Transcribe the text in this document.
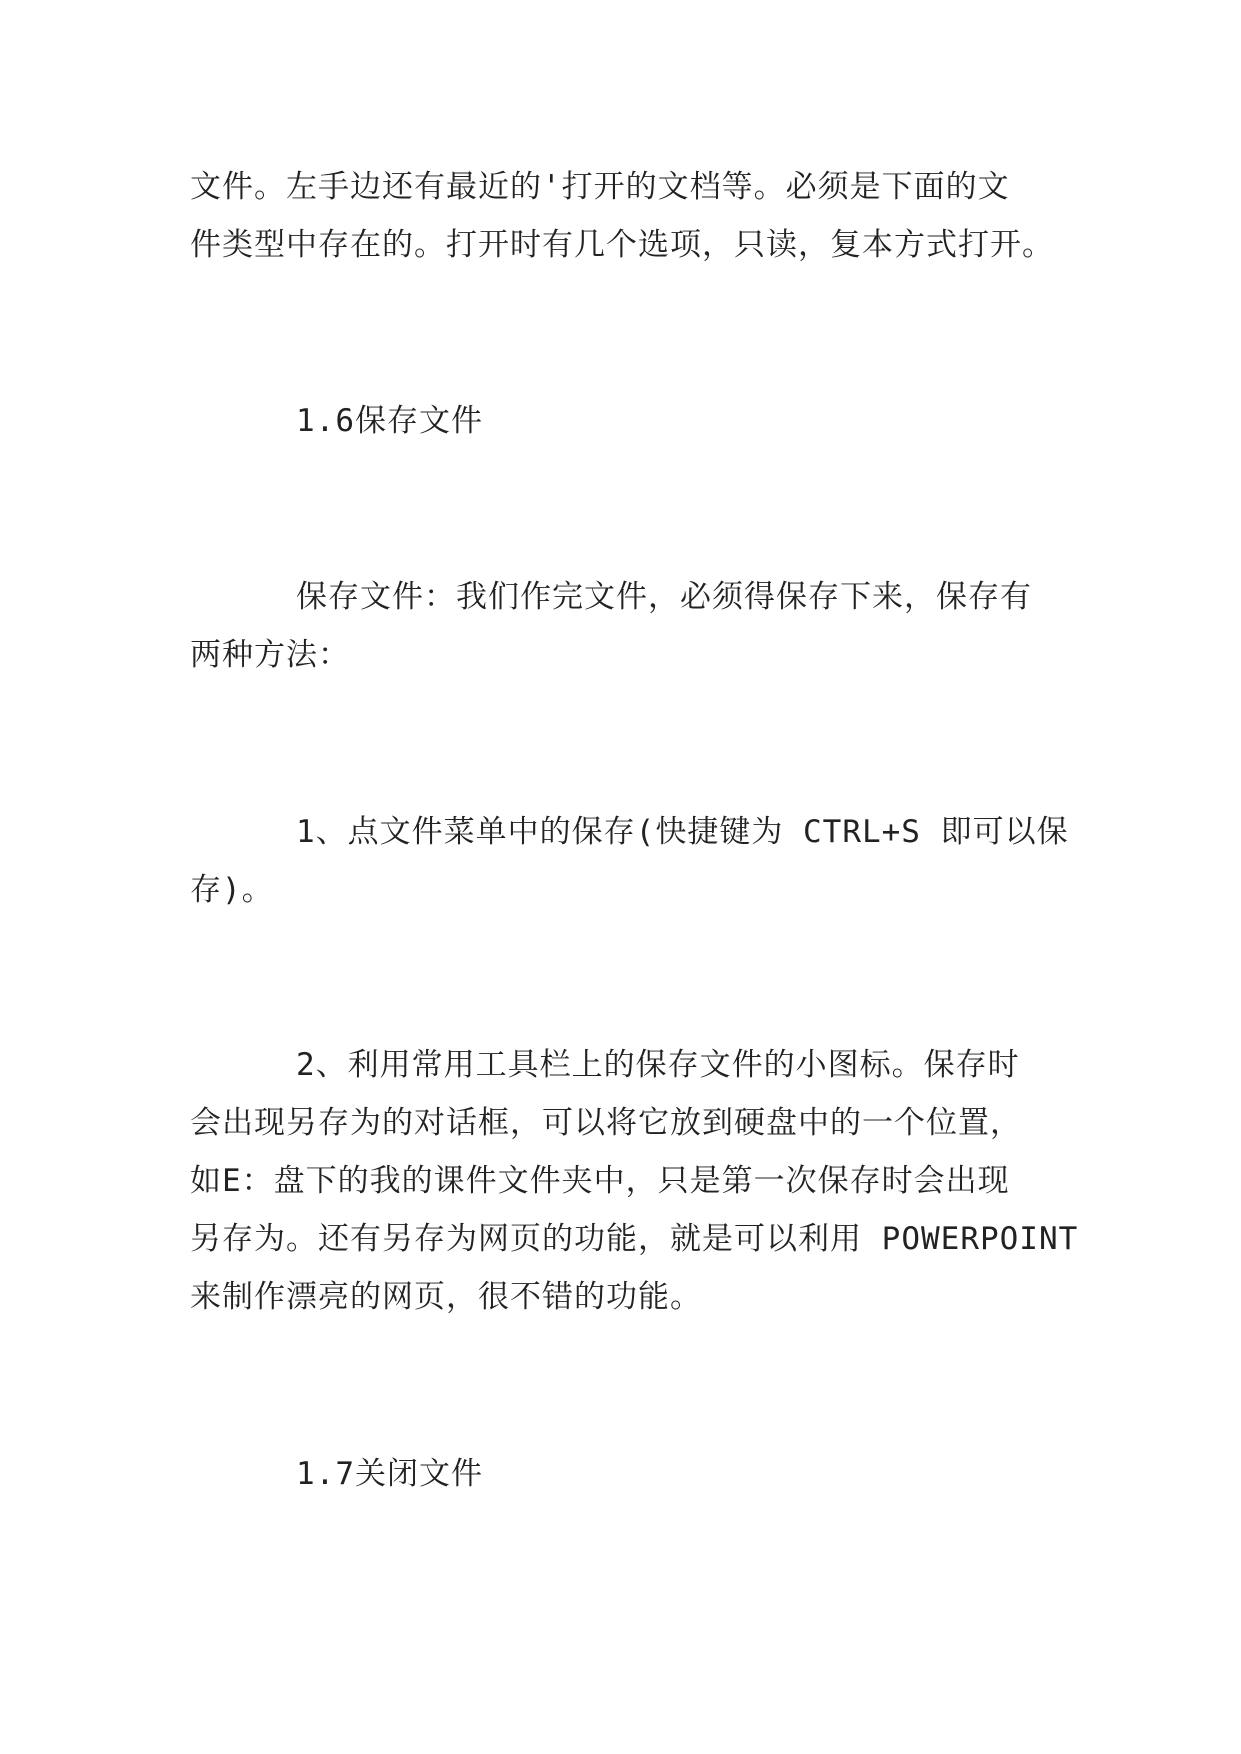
文件。左手边还有最近的'打开的文档等。必须是下面的文
件类型中存在的。打开时有几个选项，只读，复本方式打开。
1.6保存文件
保存文件：我们作完文件，必须得保存下来，保存有
两种方法：
1、点文件菜单中的保存(快捷键为 CTRL+S 即可以保
存)。
2、利用常用工具栏上的保存文件的小图标。保存时
会出现另存为的对话框，可以将它放到硬盘中的一个位置，
如E：盘下的我的课件文件夹中，只是第一次保存时会出现
另存为。还有另存为网页的功能，就是可以利用 POWERPOINT
来制作漂亮的网页，很不错的功能。
1.7关闭文件
